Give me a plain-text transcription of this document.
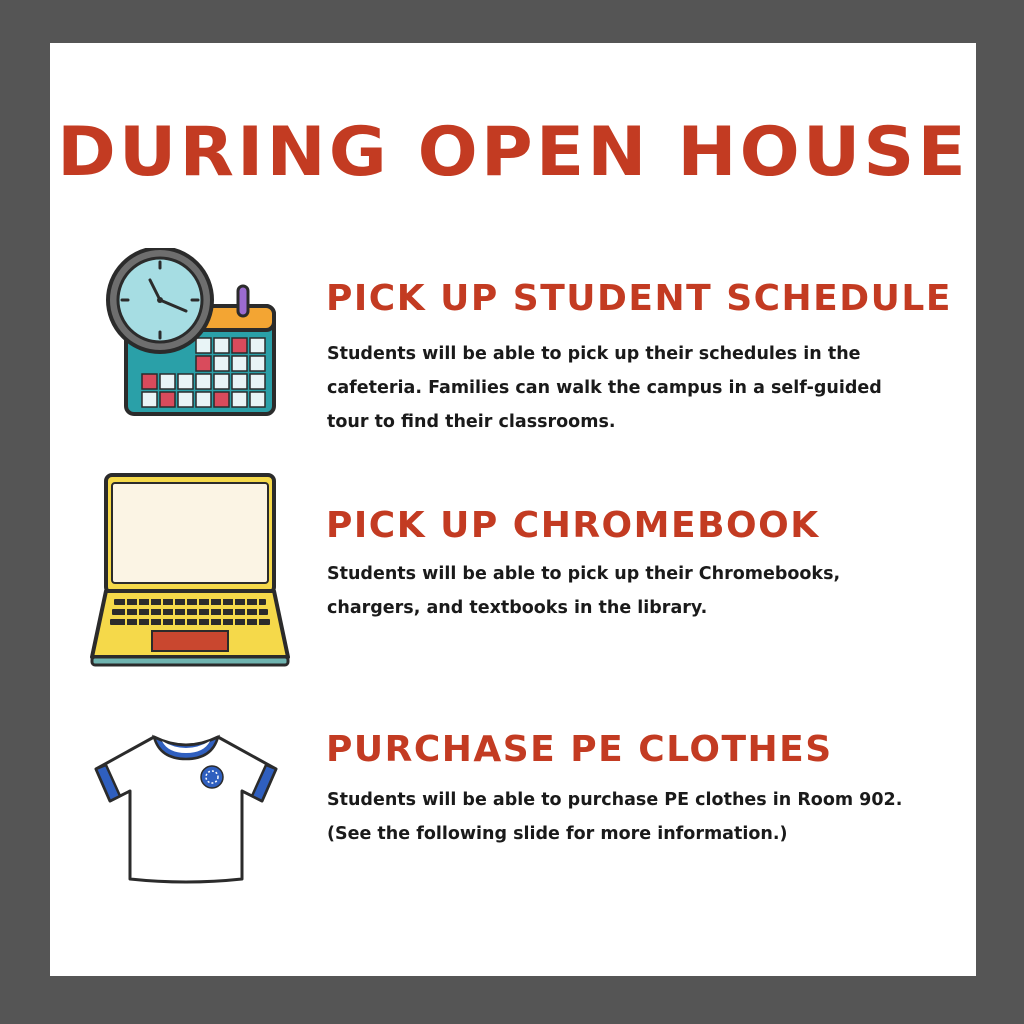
DURING OPEN HOUSE
PICK UP STUDENT SCHEDULE

Students will be able to pick up their schedules in the cafeteria. Families can walk the campus in a self-guided tour to find their classrooms.

PICK UP CHROMEBOOK

Students will be able to pick up their Chromebooks, chargers, and textbooks in the library.

PURCHASE PE CLOTHES

Students will be able to purchase PE clothes in Room 902. (See the following slide for more information.)
